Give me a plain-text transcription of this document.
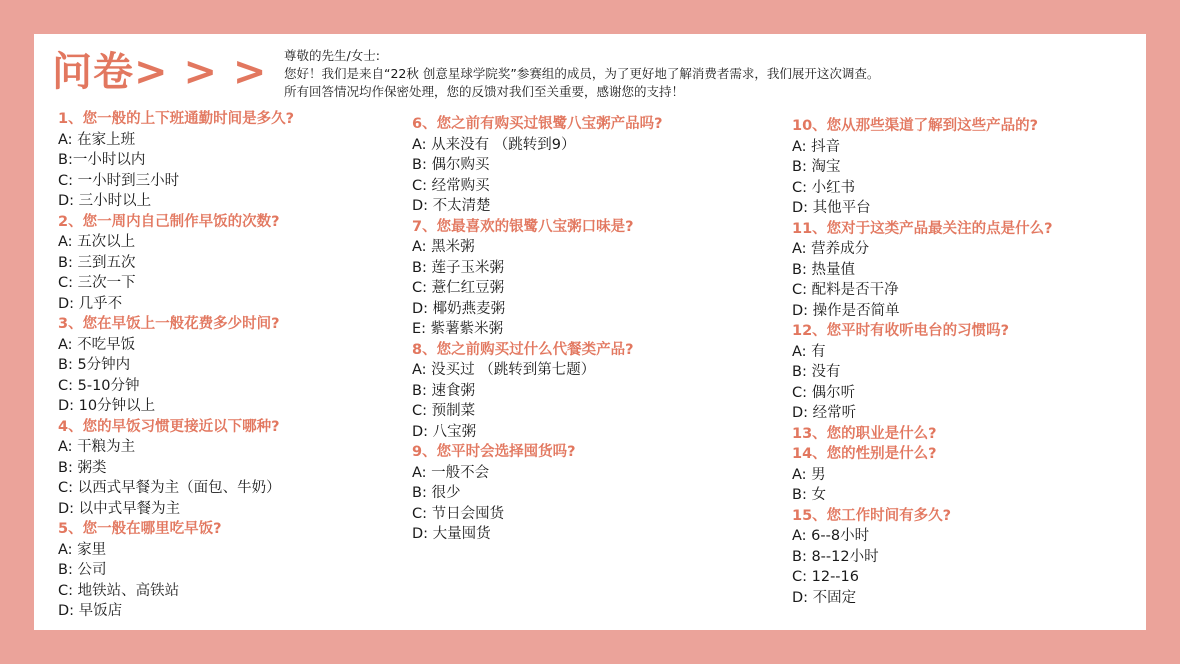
问卷> > > 尊敬的先生/女士:
您好！我们是来自“22秋 创意星球学院奖”参赛组的成员，为了更好地了解消费者需求，我们展开这次调查。
所有回答情况均作保密处理，您的反馈对我们至关重要，感谢您的支持！
1、您一般的上下班通勤时间是多久?
A: 在家上班
B:一小时以内
C: 一小时到三小时
D: 三小时以上
2、您一周内自己制作早饭的次数?
A: 五次以上
B: 三到五次
C: 三次一下
D: 几乎不
3、您在早饭上一般花费多少时间?
A: 不吃早饭
B: 5分钟内
C: 5-10分钟
D: 10分钟以上
4、您的早饭习惯更接近以下哪种?
A: 干粮为主
B: 粥类
C: 以西式早餐为主（面包、牛奶）
D: 以中式早餐为主
5、您一般在哪里吃早饭?
A: 家里
B: 公司
C: 地铁站、高铁站
D: 早饭店
6、您之前有购买过银鹭八宝粥产品吗?
A: 从来没有 （跳转到9）
B: 偶尔购买
C: 经常购买
D: 不太清楚
7、您最喜欢的银鹭八宝粥口味是?
A: 黑米粥
B: 莲子玉米粥
C: 薏仁红豆粥
D: 椰奶燕麦粥
E: 紫薯紫米粥
8、您之前购买过什么代餐类产品?
A: 没买过 （跳转到第七题）
B: 速食粥
C: 预制菜
D: 八宝粥
9、您平时会选择囤货吗?
A: 一般不会
B: 很少
C: 节日会囤货
D: 大量囤货
10、您从那些渠道了解到这些产品的?
A: 抖音
B: 淘宝
C: 小红书
D: 其他平台
11、您对于这类产品最关注的点是什么?
A: 营养成分
B: 热量值
C: 配料是否干净
D: 操作是否简单
12、您平时有收听电台的习惯吗?
A: 有
B: 没有
C: 偶尔听
D: 经常听
13、您的职业是什么?
14、您的性别是什么?
A: 男
B: 女
15、您工作时间有多久?
A: 6--8小时
B: 8--12小时
C: 12--16
D: 不固定
